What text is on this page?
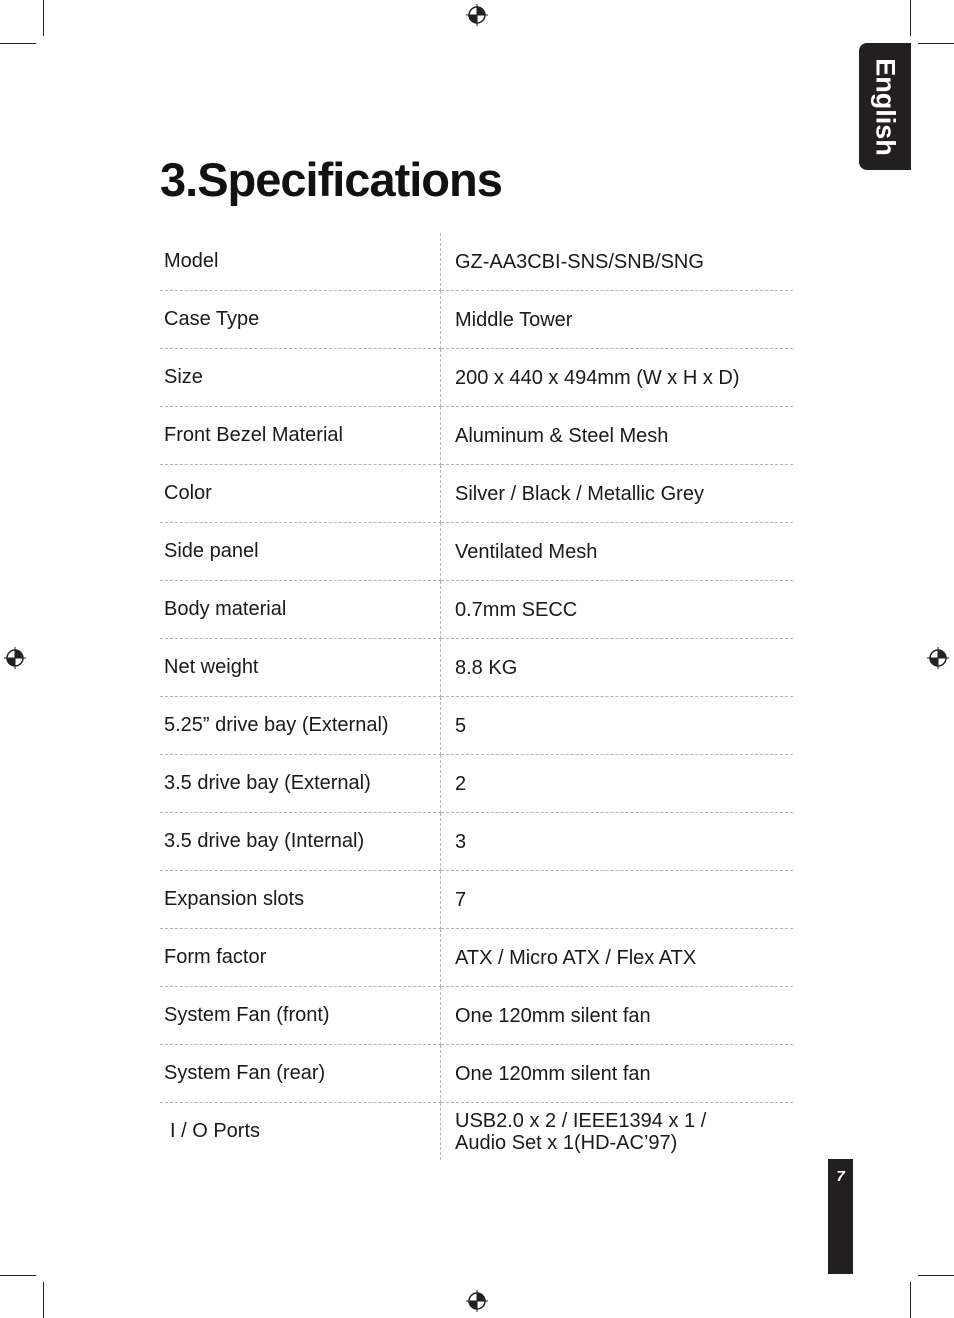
English
3.Specifications
Model	GZ-AA3CBI-SNS/SNB/SNG
Case Type	Middle Tower
Size	200 x 440 x 494mm (W x H x D)
Front Bezel Material	Aluminum & Steel Mesh
Color	Silver / Black / Metallic Grey
Side panel	Ventilated Mesh
Body material	0.7mm SECC
Net weight	8.8 KG
5.25” drive bay (External)	5
3.5 drive bay (External)	2
3.5 drive bay (Internal)	3
Expansion slots	7
Form factor	ATX / Micro ATX / Flex ATX
System Fan (front)	One 120mm silent fan
System Fan (rear)	One 120mm silent fan
I / O Ports	USB2.0 x 2 / IEEE1394 x 1 /
Audio Set x 1(HD-AC’97)
7
